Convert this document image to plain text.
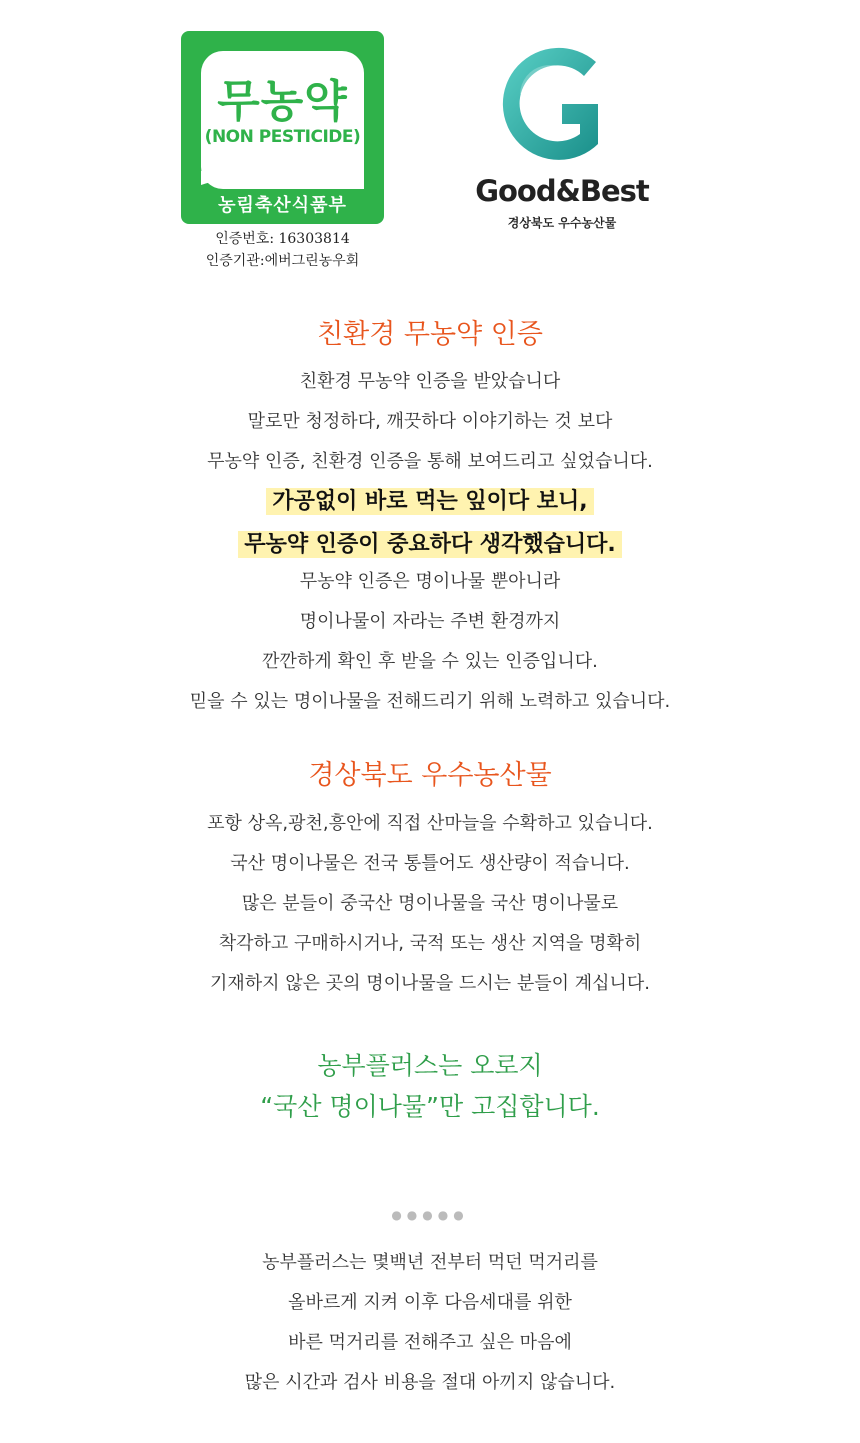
무농약
(NON PESTICIDE)
농림축산식품부
인증번호: 16303814
인증기관:에버그린농우회
Good&Best
경상북도 우수농산물
친환경 무농약 인증
친환경 무농약 인증을 받았습니다
말로만 청정하다, 깨끗하다 이야기하는 것 보다
무농약 인증, 친환경 인증을 통해 보여드리고 싶었습니다.
가공없이 바로 먹는 잎이다 보니,
무농약 인증이 중요하다 생각했습니다.
무농약 인증은 명이나물 뿐아니라
명이나물이 자라는 주변 환경까지
깐깐하게 확인 후 받을 수 있는 인증입니다.
믿을 수 있는 명이나물을 전해드리기 위해 노력하고 있습니다.
경상북도 우수농산물
포항 상옥,광천,흥안에 직접 산마늘을 수확하고 있습니다.
국산 명이나물은 전국 통틀어도 생산량이 적습니다.
많은 분들이 중국산 명이나물을 국산 명이나물로
착각하고 구매하시거나, 국적 또는 생산 지역을 명확히
기재하지 않은 곳의 명이나물을 드시는 분들이 계십니다.
농부플러스는 오로지
“국산 명이나물”만 고집합니다.
●●●●●
농부플러스는 몇백년 전부터 먹던 먹거리를
올바르게 지켜 이후 다음세대를 위한
바른 먹거리를 전해주고 싶은 마음에
많은 시간과 검사 비용을 절대 아끼지 않습니다.
